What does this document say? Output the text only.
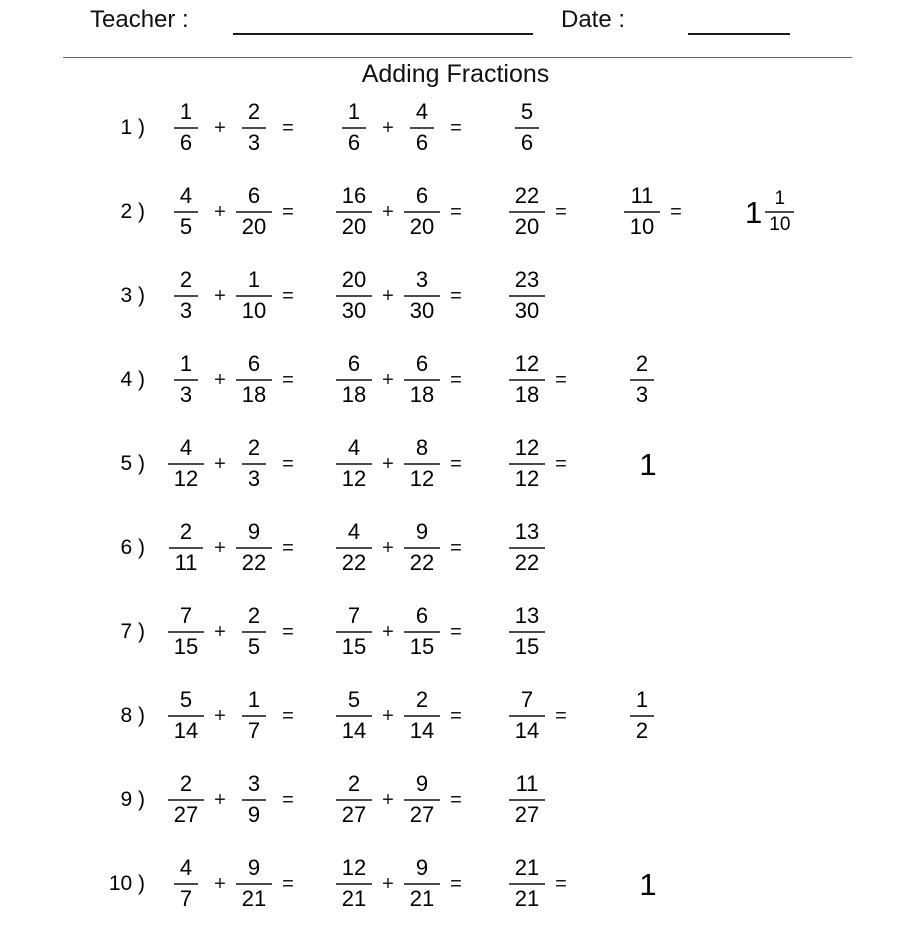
Teacher :	Date :
Adding Fractions
1 ) $\frac{1}{6} + \frac{2}{3} = \frac{1}{6} + \frac{4}{6} = \frac{5}{6}$
2 ) $\frac{4}{5} + \frac{6}{20} = \frac{16}{20} + \frac{6}{20} = \frac{22}{20}$ =	$\frac{11}{10} = 1 \frac{1}{10}$
3 ) $\frac{2}{3} + \frac{1}{10} = \frac{20}{30} + \frac{3}{30} = \frac{23}{30}$
4 ) $\frac{1}{3} + \frac{6}{18} = \frac{6}{18} + \frac{6}{18} = \frac{12}{18}$ =	$\frac{2}{3}$
5 ) $\frac{4}{12} + \frac{2}{3} = \frac{4}{12} + \frac{8}{12} = \frac{12}{12} = 1$
6 ) $\frac{2}{11} + \frac{9}{22} = \frac{4}{22} + \frac{9}{22} = \frac{13}{22}$
7 ) $\frac{7}{15} + \frac{2}{5} = \frac{7}{15} + \frac{6}{15} = \frac{13}{15}$
8 ) $\frac{5}{14} + \frac{1}{7} = \frac{5}{14} + \frac{2}{14} = \frac{7}{14}$ =	$\frac{1}{2}$
9 ) $\frac{2}{27} + \frac{3}{9} = \frac{2}{27} + \frac{9}{27} = \frac{11}{27}$
10 ) $\frac{4}{7} + \frac{9}{21} = \frac{12}{21} + \frac{9}{21} = \frac{21}{21} = 1$
